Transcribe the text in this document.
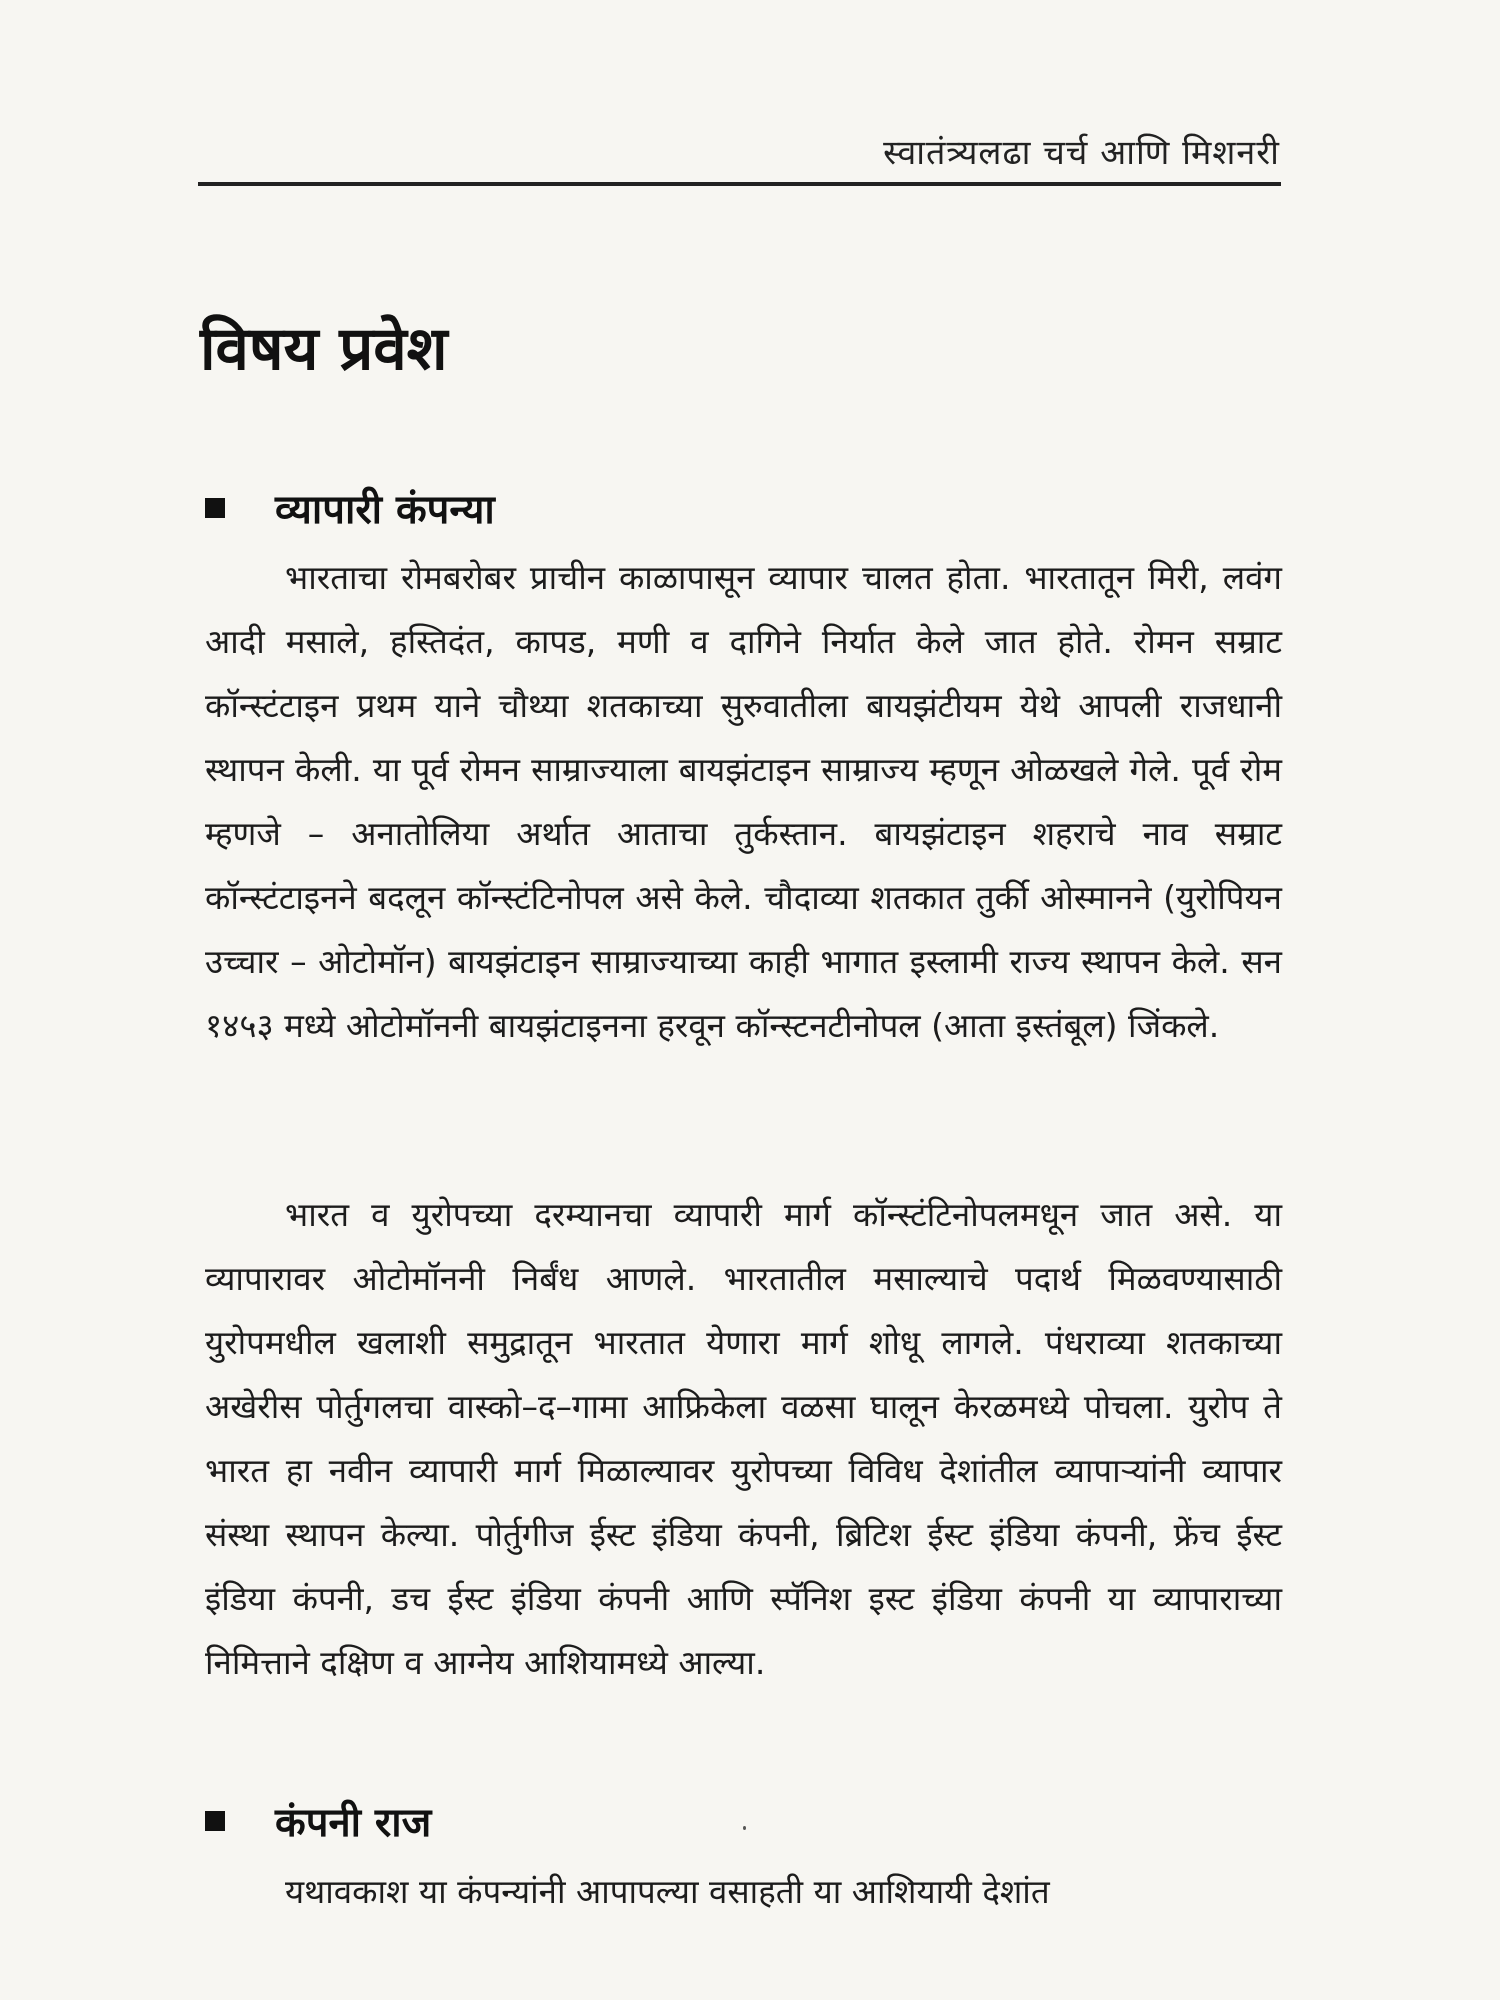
स्वातंत्र्यलढा चर्च आणि मिशनरी
विषय प्रवेश
व्यापारी कंपन्या

भारताचा रोमबरोबर प्राचीन काळापासून व्यापार चालत होता. भारतातून मिरी, लवंग आदी मसाले, हस्तिदंत, कापड, मणी व दागिने निर्यात केले जात होते. रोमन सम्राट कॉन्स्टंटाइन प्रथम याने चौथ्या शतकाच्या सुरुवातीला बायझंटीयम येथे आपली राजधानी स्थापन केली. या पूर्व रोमन साम्राज्याला बायझंटाइन साम्राज्य म्हणून ओळखले गेले. पूर्व रोम म्हणजे – अनातोलिया अर्थात आताचा तुर्कस्तान. बायझंटाइन शहराचे नाव सम्राट कॉन्स्टंटाइनने बदलून कॉन्स्टंटिनोपल असे केले. चौदाव्या शतकात तुर्की ओस्मानने (युरोपियन उच्चार – ओटोमॉन) बायझंटाइन साम्राज्याच्या काही भागात इस्लामी राज्य स्थापन केले. सन १४५३ मध्ये ओटोमॉननी बायझंटाइनना हरवून कॉन्स्टनटीनोपल (आता इस्तंबूल) जिंकले.

भारत व युरोपच्या दरम्यानचा व्यापारी मार्ग कॉन्स्टंटिनोपलमधून जात असे. या व्यापारावर ओटोमॉननी निर्बंध आणले. भारतातील मसाल्याचे पदार्थ मिळवण्यासाठी युरोपमधील खलाशी समुद्रातून भारतात येणारा मार्ग शोधू लागले. पंधराव्या शतकाच्या अखेरीस पोर्तुगलचा वास्को–द–गामा आफ्रिकेला वळसा घालून केरळमध्ये पोचला. युरोप ते भारत हा नवीन व्यापारी मार्ग मिळाल्यावर युरोपच्या विविध देशांतील व्यापाऱ्यांनी व्यापार संस्था स्थापन केल्या. पोर्तुगीज ईस्ट इंडिया कंपनी, ब्रिटिश ईस्ट इंडिया कंपनी, फ्रेंच ईस्ट इंडिया कंपनी, डच ईस्ट इंडिया कंपनी आणि स्पॅनिश इस्ट इंडिया कंपनी या व्यापाराच्या निमित्ताने दक्षिण व आग्नेय आशियामध्ये आल्या.

कंपनी राज

यथावकाश या कंपन्यांनी आपापल्या वसाहती या आशियायी देशांत
